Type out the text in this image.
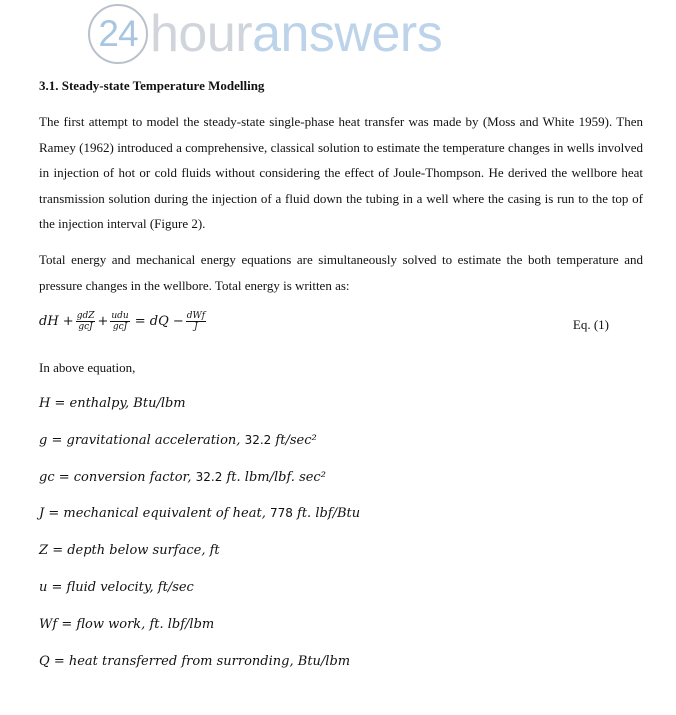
24 hour answers
3.1. Steady-state Temperature Modelling
The first attempt to model the steady-state single-phase heat transfer was made by (Moss and White 1959). Then Ramey (1962) introduced a comprehensive, classical solution to estimate the temperature changes in wells involved in injection of hot or cold fluids without considering the effect of Joule-Thompson. He derived the wellbore heat transmission solution during the injection of a fluid down the tubing in a well where the casing is run to the top of the injection interval (Figure 2).
Total energy and mechanical energy equations are simultaneously solved to estimate the both temperature and pressure changes in the wellbore. Total energy is written as:
dH + $\frac{\text{gdZ}}{\text{gcJ}} + \frac{\text{udu}}{\text{gcJ}}$ = dQ − $\frac{\text{dWf}}{J}$	Eq. (1)
In above equation,
H = enthalpy, Btu/lbm
g = gravitational acceleration, 32.2 ft/sec²
gc = conversion factor, 32.2 ft. lbm/lbf. sec²
J = mechanical equivalent of heat, 778 ft. lbf/Btu
Z = depth below surface, ft
u = fluid velocity, ft/sec
Wf = flow work, ft. lbf/lbm
Q = heat transferred from surronding, Btu/lbm
